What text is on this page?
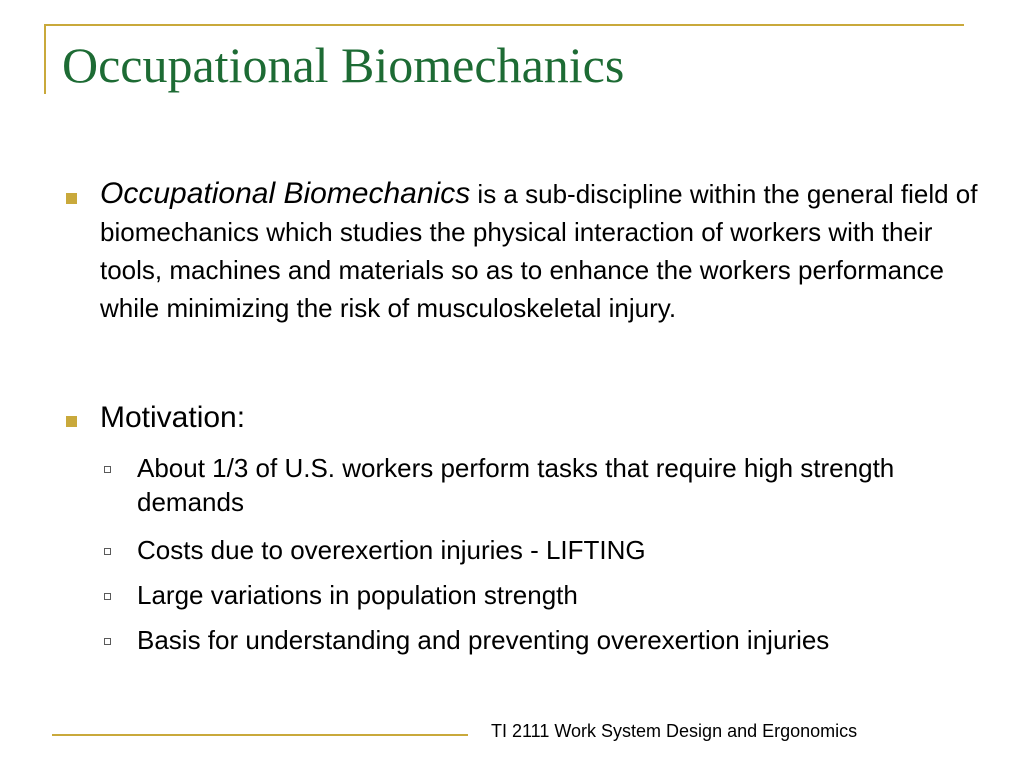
Occupational Biomechanics
Occupational Biomechanics is a sub-discipline within the general field of biomechanics which studies the physical interaction of workers with their tools, machines and materials so as to enhance the workers performance while minimizing the risk of musculoskeletal injury.
Motivation:
About 1/3 of U.S. workers perform tasks that require high strength demands
Costs due to overexertion injuries - LIFTING
Large variations in population strength
Basis for understanding and preventing overexertion injuries
TI 2111 Work System Design and Ergonomics
